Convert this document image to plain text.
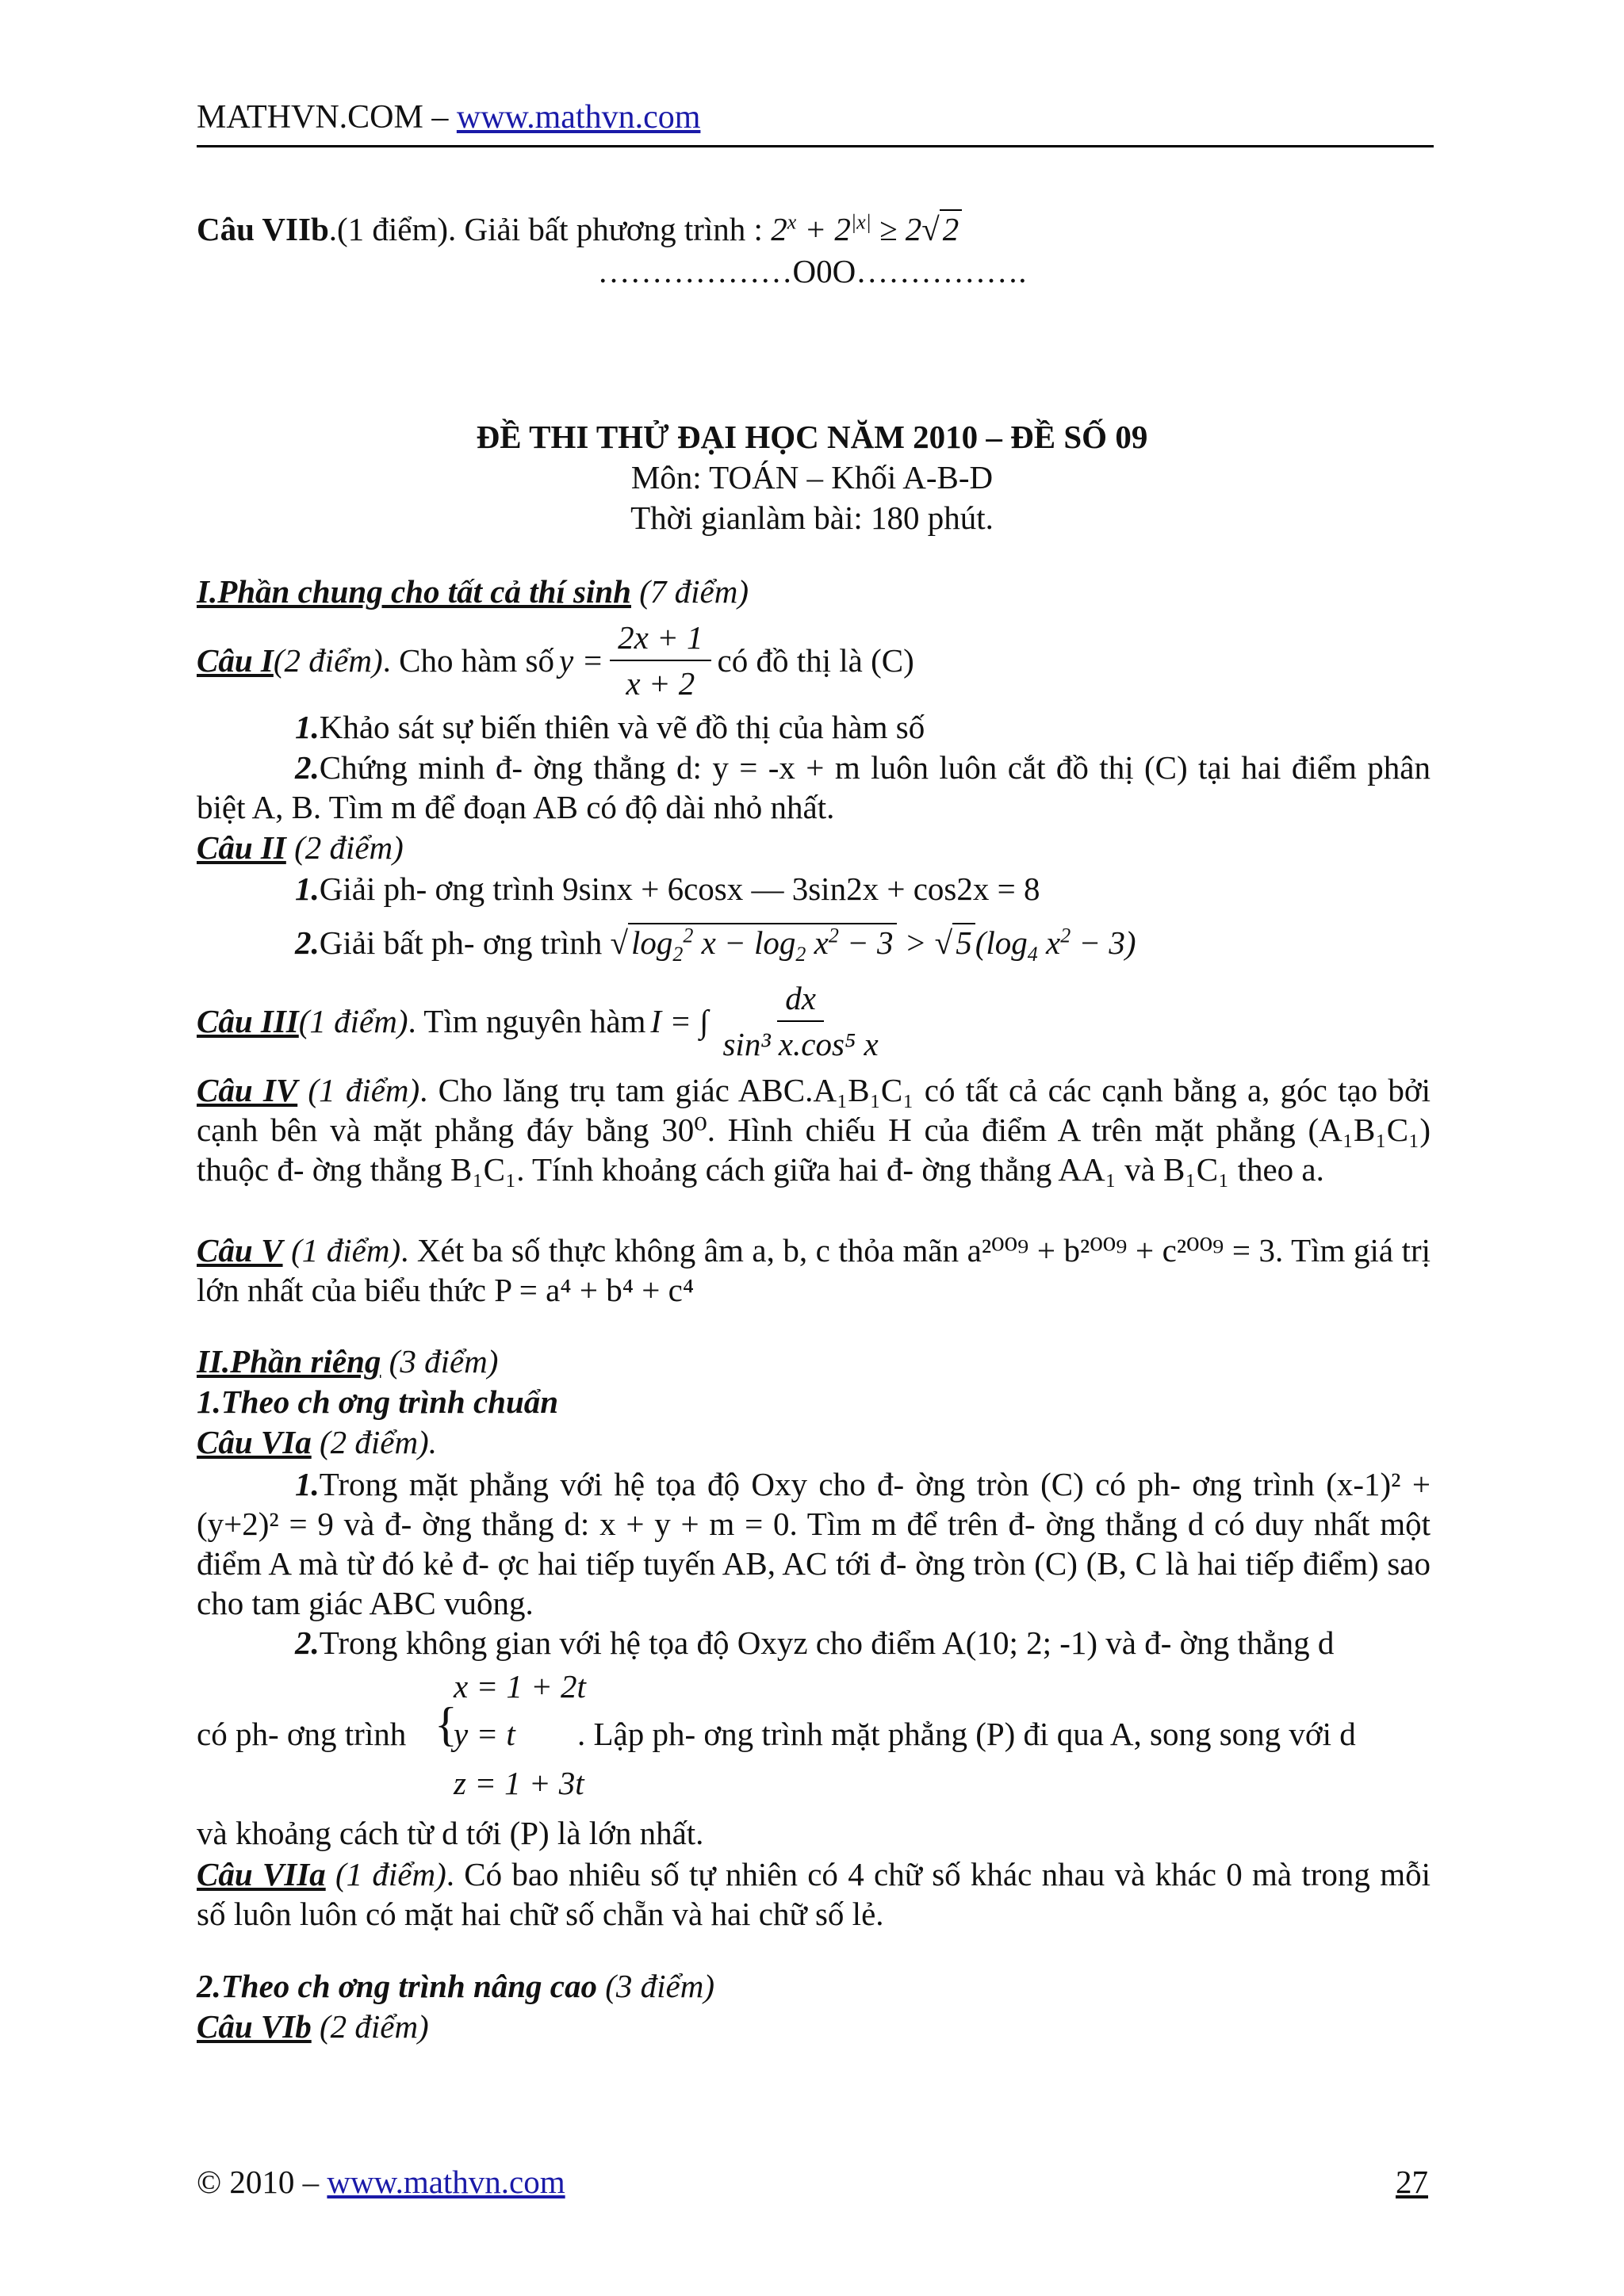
MATHVN.COM – www.mathvn.com
Câu VIIb.(1 điểm). Giải bất phương trình : $2^x + 2^{|x|} \ge 2√2$
………………O0O…………….
ĐỀ THI THỬ ĐẠI HỌC NĂM 2010 – ĐỀ SỐ 09
Môn: TOÁN – Khối A-B-D
Thời gianlàm bài: 180 phút.
I.Phần chung cho tất cả thí sinh (7 điểm)
Câu I (2 điểm) . Cho hàm số $y = \frac{2x + 1}{x + 2}$ có đồ thị là (C)
1.Khảo sát sự biến thiên và vẽ đồ thị của hàm số
2.Chứng minh đ- ờng thẳng d: y = -x + m luôn luôn cắt đồ thị (C) tại hai điểm phân biệt A, B. Tìm m để đoạn AB có độ dài nhỏ nhất.
Câu II (2 điểm)
1.Giải ph- ơng trình 9sinx + 6cosx — 3sin2x + cos2x = 8
2.Giải bất ph- ơng trình $√\log_2^2$ $x - \log_2 x^2 - 3 > √5(\log_4$ $x^2 - 3$)
Câu III (1 điểm) . Tìm nguyên hàm I = ∫ $\frac{dx}{\text{sin³ x.cos⁵ x}}$
Câu IV (1 điểm). Cho lăng trụ tam giác ABC.A₁B₁C₁ có tất cả các cạnh bằng a, góc tạo bởi cạnh bên và mặt phẳng đáy bằng 30⁰. Hình chiếu H của điểm A trên mặt phẳng (A₁B₁C₁) thuộc đ- ờng thẳng B₁C₁. Tính khoảng cách giữa hai đ- ờng thẳng AA₁ và B₁C₁ theo a.
Câu V (1 điểm). Xét ba số thực không âm a, b, c thỏa mãn a²⁰⁰⁹ + b²⁰⁰⁹ + c²⁰⁰⁹ = 3. Tìm giá trị lớn nhất của biểu thức P = a⁴ + b⁴ + c⁴
II.Phần riêng (3 điểm)
1.Theo ch ơng trình chuẩn
Câu VIa (2 điểm).
1.Trong mặt phẳng với hệ tọa độ Oxy cho đ- ờng tròn (C) có ph- ơng trình (x-1)² + (y+2)² = 9 và đ- ờng thẳng d: x + y + m = 0. Tìm m để trên đ- ờng thẳng d có duy nhất một điểm A mà từ đó kẻ đ- ợc hai tiếp tuyến AB, AC tới đ- ờng tròn (C) (B, C là hai tiếp điểm) sao cho tam giác ABC vuông.
2.Trong không gian với hệ tọa độ Oxyz cho điểm A(10; 2; -1) và đ- ờng thẳng d
có ph- ơng trình {
x = 1 + 2t
y = t
z = 1 + 3t
. Lập ph- ơng trình mặt phẳng (P) đi qua A, song song với d
và khoảng cách từ d tới (P) là lớn nhất.
Câu VIIa (1 điểm). Có bao nhiêu số tự nhiên có 4 chữ số khác nhau và khác 0 mà trong mỗi số luôn luôn có mặt hai chữ số chẵn và hai chữ số lẻ.
2.Theo ch ơng trình nâng cao (3 điểm)
Câu VIb (2 điểm)
© 2010 – www.mathvn.com	27
